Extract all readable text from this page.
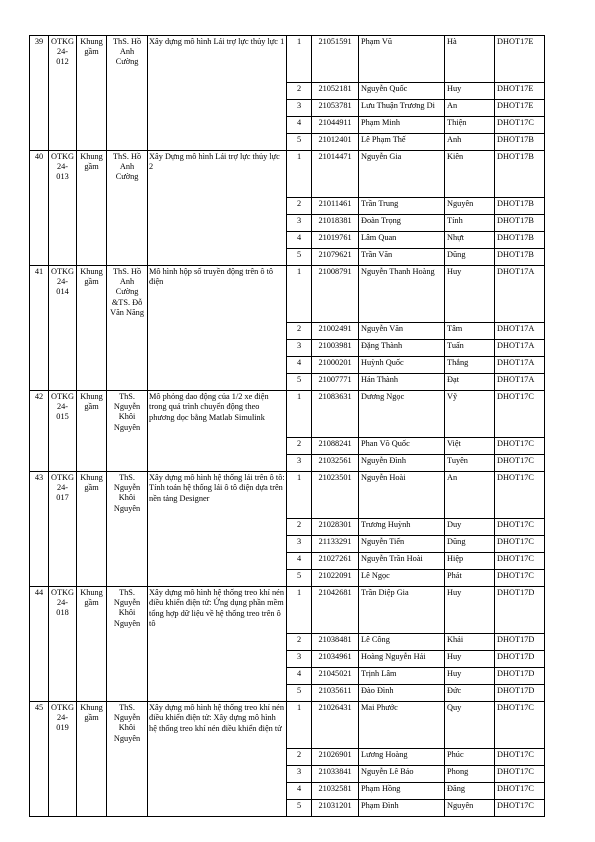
39	OTKG 24- 012	Khung gầm	ThS. Hồ Anh Cường	Xây dựng mô hình Lái trợ lực thủy lực 1	1	21051591	Phạm Vũ	Hà	DHOT17E
					2	21052181	Nguyễn Quốc	Huy	DHOT17E
					3	21053781	Lưu Thuận Trương Di	An	DHOT17E
					4	21044911	Phạm Minh	Thiện	DHOT17C
					5	21012401	Lê Phạm Thế	Anh	DHOT17B
40	OTKG 24- 013	Khung gầm	ThS. Hồ Anh Cường	Xây Dựng mô hình Lái trợ lực thủy lực 2	1	21014471	Nguyễn Gia	Kiên	DHOT17B
					2	21011461	Trần Trung	Nguyên	DHOT17B
					3	21018381	Đoàn Trọng	Tính	DHOT17B
					4	21019761	Lâm Quan	Nhựt	DHOT17B
					5	21079621	Trần Văn	Dũng	DHOT17B
41	OTKG 24- 014	Khung gầm	ThS. Hồ Anh Cường &TS. Đỗ Văn Năng	Mô hình hộp số truyền động trên ô tô điện	1	21008791	Nguyễn Thanh Hoàng	Huy	DHOT17A
					2	21002491	Nguyễn Văn	Tâm	DHOT17A
					3	21003981	Đặng Thành	Tuấn	DHOT17A
					4	21000201	Huỳnh Quốc	Thắng	DHOT17A
					5	21007771	Hán Thành	Đạt	DHOT17A
42	OTKG 24- 015	Khung gầm	ThS. Nguyễn Khôi Nguyên	Mô phỏng dao động của 1/2 xe điện trong quá trình chuyển động theo phương dọc bằng Matlab Simulink	1	21083631	Dương Ngọc	Vỹ	DHOT17C
					2	21088241	Phan Võ Quốc	Việt	DHOT17C
					3	21032561	Nguyễn Đình	Tuyên	DHOT17C
43	OTKG 24- 017	Khung gầm	ThS. Nguyễn Khôi Nguyên	Xây dựng mô hình hệ thống lái trên ô tô: Tính toán hệ thống lái ô tô điện dựa trên nền tảng Designer	1	21023501	Nguyễn Hoài	An	DHOT17C
					2	21028301	Trương Huỳnh	Duy	DHOT17C
					3	21133291	Nguyễn Tiến	Dũng	DHOT17C
					4	21027261	Nguyễn Trần Hoài	Hiệp	DHOT17C
					5	21022091	Lê Ngọc	Phát	DHOT17C
44	OTKG 24- 018	Khung gầm	ThS. Nguyễn Khôi Nguyên	Xây dựng mô hình hệ thống treo khí nén điều khiển điện tử: Ứng dụng phần mềm tổng hợp dữ liệu về hệ thống treo trên ô tô	1	21042681	Trần Diệp Gia	Huy	DHOT17D
					2	21038481	Lê Công	Khải	DHOT17D
					3	21034961	Hoàng Nguyễn Hải	Huy	DHOT17D
					4	21045021	Trịnh Lâm	Huy	DHOT17D
					5	21035611	Đào Đình	Đức	DHOT17D
45	OTKG 24- 019	Khung gầm	ThS. Nguyễn Khôi Nguyên	Xây dựng mô hình hệ thống treo khí nén điều khiển điện tử: Xây dựng mô hình hệ thống treo khí nén điều khiển điện tử	1	21026431	Mai Phước	Quy	DHOT17C
					2	21026901	Lương Hoàng	Phúc	DHOT17C
					3	21033841	Nguyễn Lê Bảo	Phong	DHOT17C
					4	21032581	Phạm Hồng	Đăng	DHOT17C
					5	21031201	Phạm Đình	Nguyên	DHOT17C
